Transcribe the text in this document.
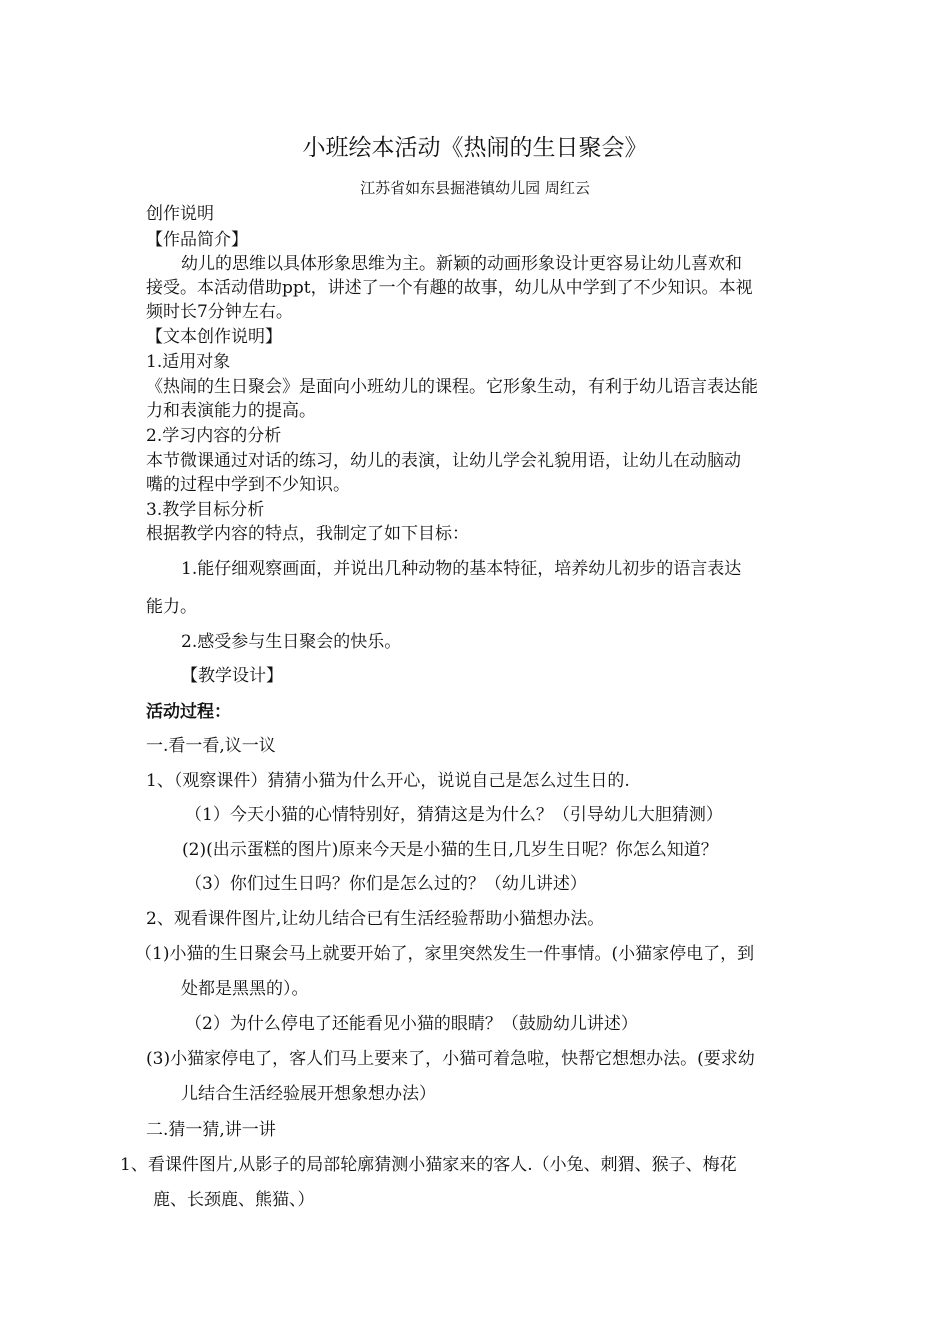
小班绘本活动《热闹的生日聚会》
江苏省如东县掘港镇幼儿园 周红云
创作说明
【作品简介】
幼儿的思维以具体形象思维为主。新颖的动画形象设计更容易让幼儿喜欢和
接受。本活动借助ppt，讲述了一个有趣的故事，幼儿从中学到了不少知识。本视
频时长7分钟左右。
【文本创作说明】
1.适用对象
《热闹的生日聚会》是面向小班幼儿的课程。它形象生动，有利于幼儿语言表达能
力和表演能力的提高。
2.学习内容的分析
本节微课通过对话的练习，幼儿的表演，让幼儿学会礼貌用语，让幼儿在动脑动
嘴的过程中学到不少知识。
3.教学目标分析
根据教学内容的特点，我制定了如下目标：
1.能仔细观察画面，并说出几种动物的基本特征，培养幼儿初步的语言表达
能力。
2.感受参与生日聚会的快乐。
【教学设计】
活动过程：
一.看一看,议一议
1、（观察课件）猜猜小猫为什么开心，说说自己是怎么过生日的.
（1）今天小猫的心情特别好，猜猜这是为什么？（引导幼儿大胆猜测）
(2)(出示蛋糕的图片)原来今天是小猫的生日,几岁生日呢？你怎么知道？
（3）你们过生日吗？你们是怎么过的？（幼儿讲述）
2、观看课件图片,让幼儿结合已有生活经验帮助小猫想办法。
（1)小猫的生日聚会马上就要开始了，家里突然发生一件事情。(小猫家停电了，到
处都是黑黑的）。
（2）为什么停电了还能看见小猫的眼睛？（鼓励幼儿讲述）
(3)小猫家停电了，客人们马上要来了，小猫可着急啦，快帮它想想办法。(要求幼
儿结合生活经验展开想象想办法）
二.猜一猜,讲一讲
1、看课件图片,从影子的局部轮廓猜测小猫家来的客人.（小兔、刺猬、猴子、梅花
鹿、长颈鹿、熊猫、）
